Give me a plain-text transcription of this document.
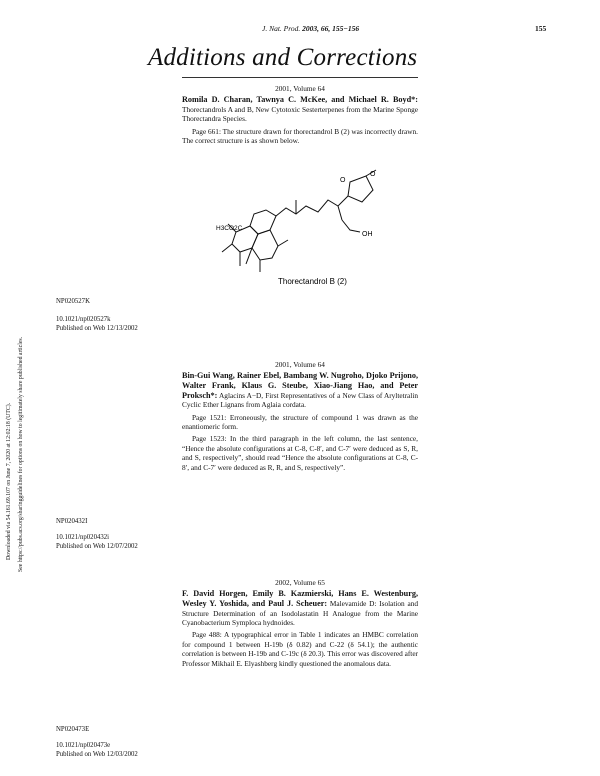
J. Nat. Prod. 2003, 66, 155−156	155
Additions and Corrections
Downloaded via 54.161.69.107 on June 7, 2020 at 12:02:18 (UTC). See https://pubs.acs.org/sharingguidelines for options on how to legitimately share published articles.
2001, Volume 64
Romila D. Charan, Tawnya C. McKee, and Michael R. Boyd*: Thorectandrols A and B, New Cytotoxic Sesterterpenes from the Marine Sponge Thorectandra Species.
Page 661: The structure drawn for thorectandrol B (2) was incorrectly drawn. The correct structure is as shown below.
O
O
OH
H3CO2C
Thorectandrol B (2)
NP020527K
10.1021/np020527k
Published on Web 12/13/2002
2001, Volume 64
Bin-Gui Wang, Rainer Ebel, Bambang W. Nugroho, Djoko Prijono, Walter Frank, Klaus G. Steube, Xiao-Jiang Hao, and Peter Proksch*: Aglacins A−D, First Representatives of a New Class of Aryltetralin Cyclic Ether Lignans from Aglaia cordata.
Page 1521: Erroneously, the structure of compound 1 was drawn as the enantiomeric form.
Page 1523: In the third paragraph in the left column, the last sentence, “Hence the absolute configurations at C-8, C-8′, and C-7′ were deduced as S, R, and S, respectively”, should read “Hence the absolute configurations at C-8, C-8′, and C-7′ were deduced as R, R, and S, respectively”.
NP020432I
10.1021/np020432i
Published on Web 12/07/2002
2002, Volume 65
F. David Horgen, Emily B. Kazmierski, Hans E. Westenburg, Wesley Y. Yoshida, and Paul J. Scheuer: Malevamide D: Isolation and Structure Determination of an Isodolastatin H Analogue from the Marine Cyanobacterium Symploca hydnoides.
Page 488: A typographical error in Table 1 indicates an HMBC correlation for compound 1 between H-19b (δ 0.82) and C-22 (δ 54.1); the authentic correlation is between H-19b and C-19c (δ 20.3). This error was discovered after Professor Mikhail E. Elyashberg kindly questioned the anomalous data.
NP020473E
10.1021/np020473e
Published on Web 12/03/2002
